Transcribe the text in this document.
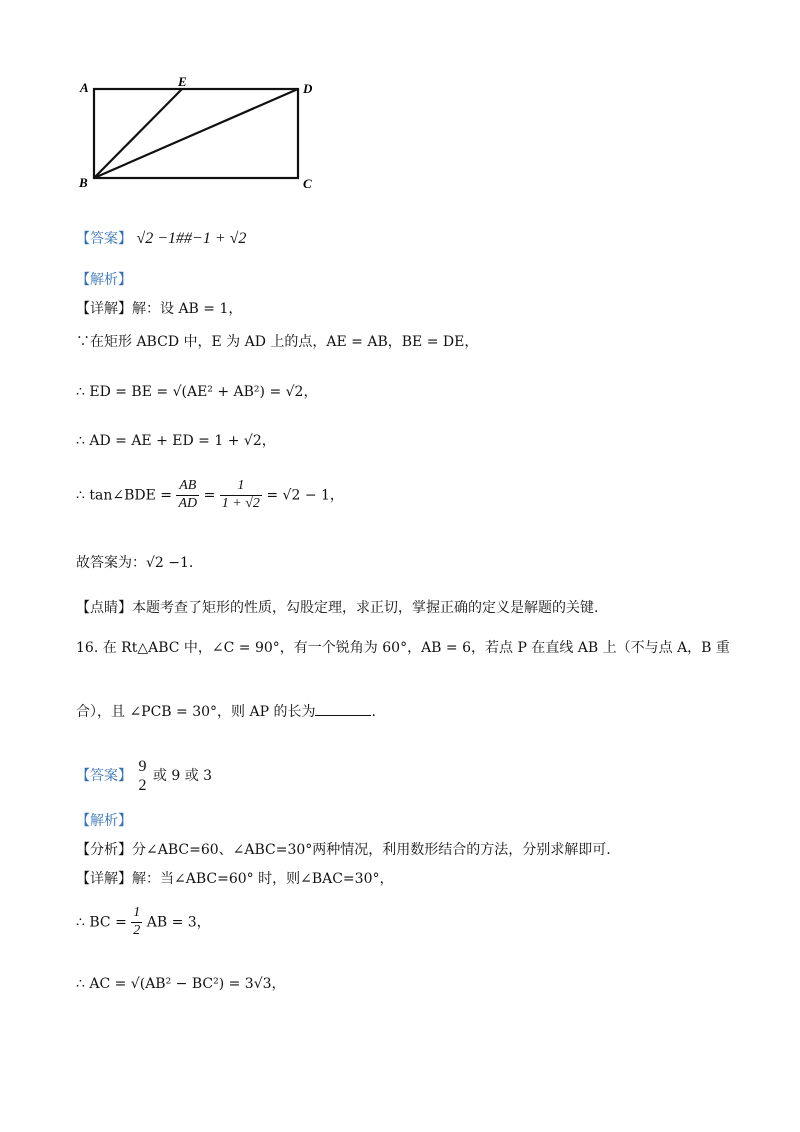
A	E	D
B	C
【答案】 √2 −1##−1 + √2
【解析】
【详解】解：设 AB = 1，
∵在矩形 ABCD 中，E 为 AD 上的点，AE = AB，BE = DE，
∴ ED = BE = √(AE² + AB²) = √2，
∴ AD = AE + ED = 1 + √2，
∴ tan∠BDE = $\frac{AB}{AD} = \frac{1}{1 + √2} = √2 - 1$，
故答案为：√2 −1.
【点睛】本题考查了矩形的性质，勾股定理，求正切，掌握正确的定义是解题的关键.
16. 在 Rt△ABC 中，∠C = 90°，有一个锐角为 60°，AB = 6，若点 P 在直线 AB 上（不与点 A，B 重
合），且 ∠PCB = 30°，则 AP 的长为	.
【答案】
9
2
或 9 或 3
【解析】
【分析】分∠ABC=60、∠ABC=30°两种情况，利用数形结合的方法，分别求解即可.
【详解】解：当∠ABC=60° 时，则∠BAC=30°，
∴ BC = $\frac{1}{2}$ AB = 3，
∴ AC = √(AB² − BC²) = 3√3，
